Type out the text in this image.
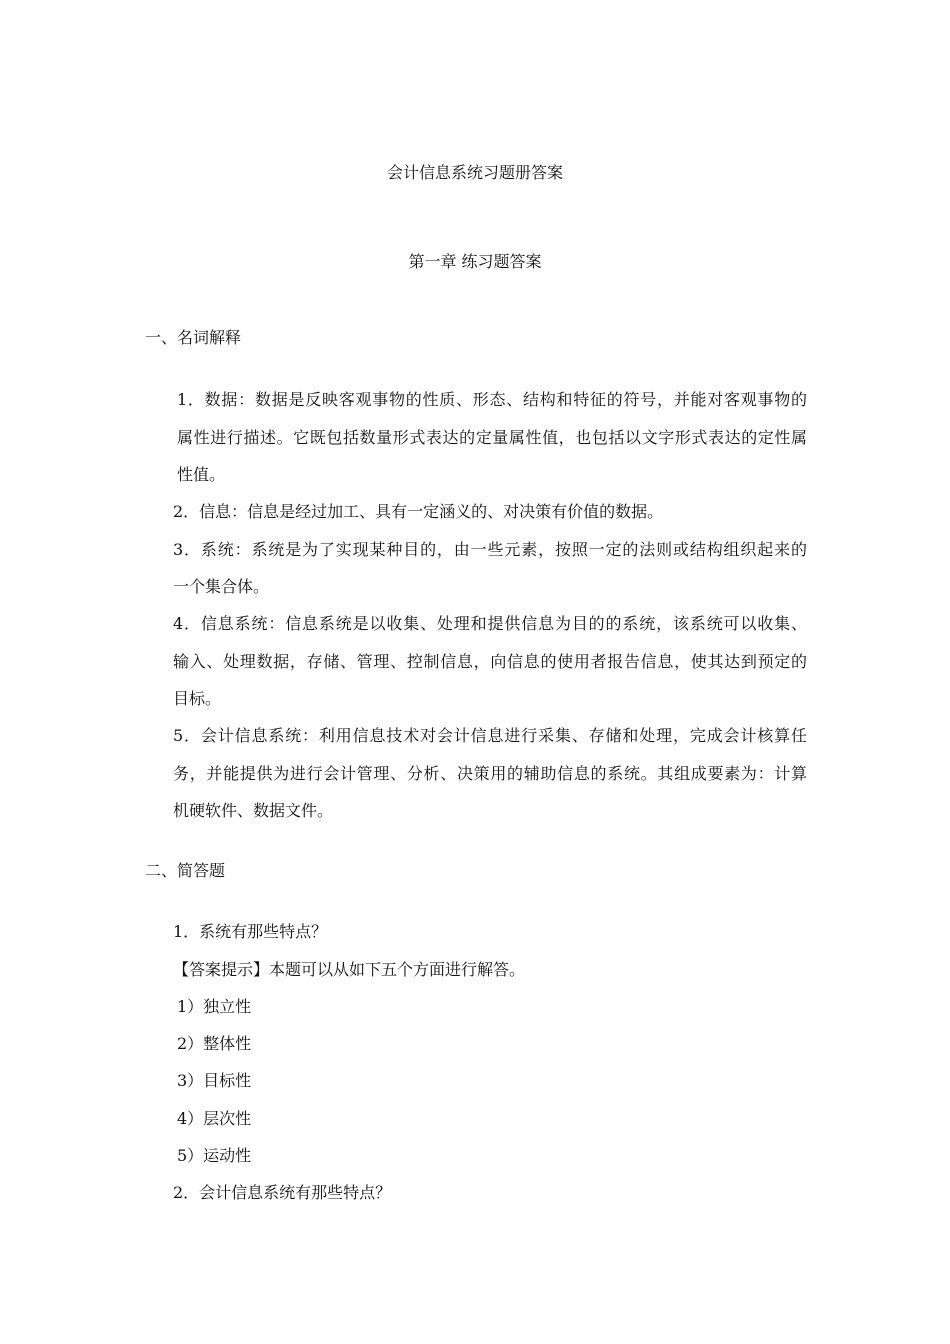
会计信息系统习题册答案
第一章 练习题答案
一、名词解释
1．数据：数据是反映客观事物的性质、形态、结构和特征的符号，并能对客观事物的
属性进行描述。它既包括数量形式表达的定量属性值，也包括以文字形式表达的定性属
性值。
2．信息：信息是经过加工、具有一定涵义的、对决策有价值的数据。
3．系统：系统是为了实现某种目的，由一些元素，按照一定的法则或结构组织起来的
一个集合体。
4．信息系统：信息系统是以收集、处理和提供信息为目的的系统，该系统可以收集、
输入、处理数据，存储、管理、控制信息，向信息的使用者报告信息，使其达到预定的
目标。
5．会计信息系统：利用信息技术对会计信息进行采集、存储和处理，完成会计核算任
务，并能提供为进行会计管理、分析、决策用的辅助信息的系统。其组成要素为：计算
机硬软件、数据文件。
二、简答题
1．系统有那些特点？
【答案提示】本题可以从如下五个方面进行解答。
1）独立性
2）整体性
3）目标性
4）层次性
5）运动性
2．会计信息系统有那些特点？
